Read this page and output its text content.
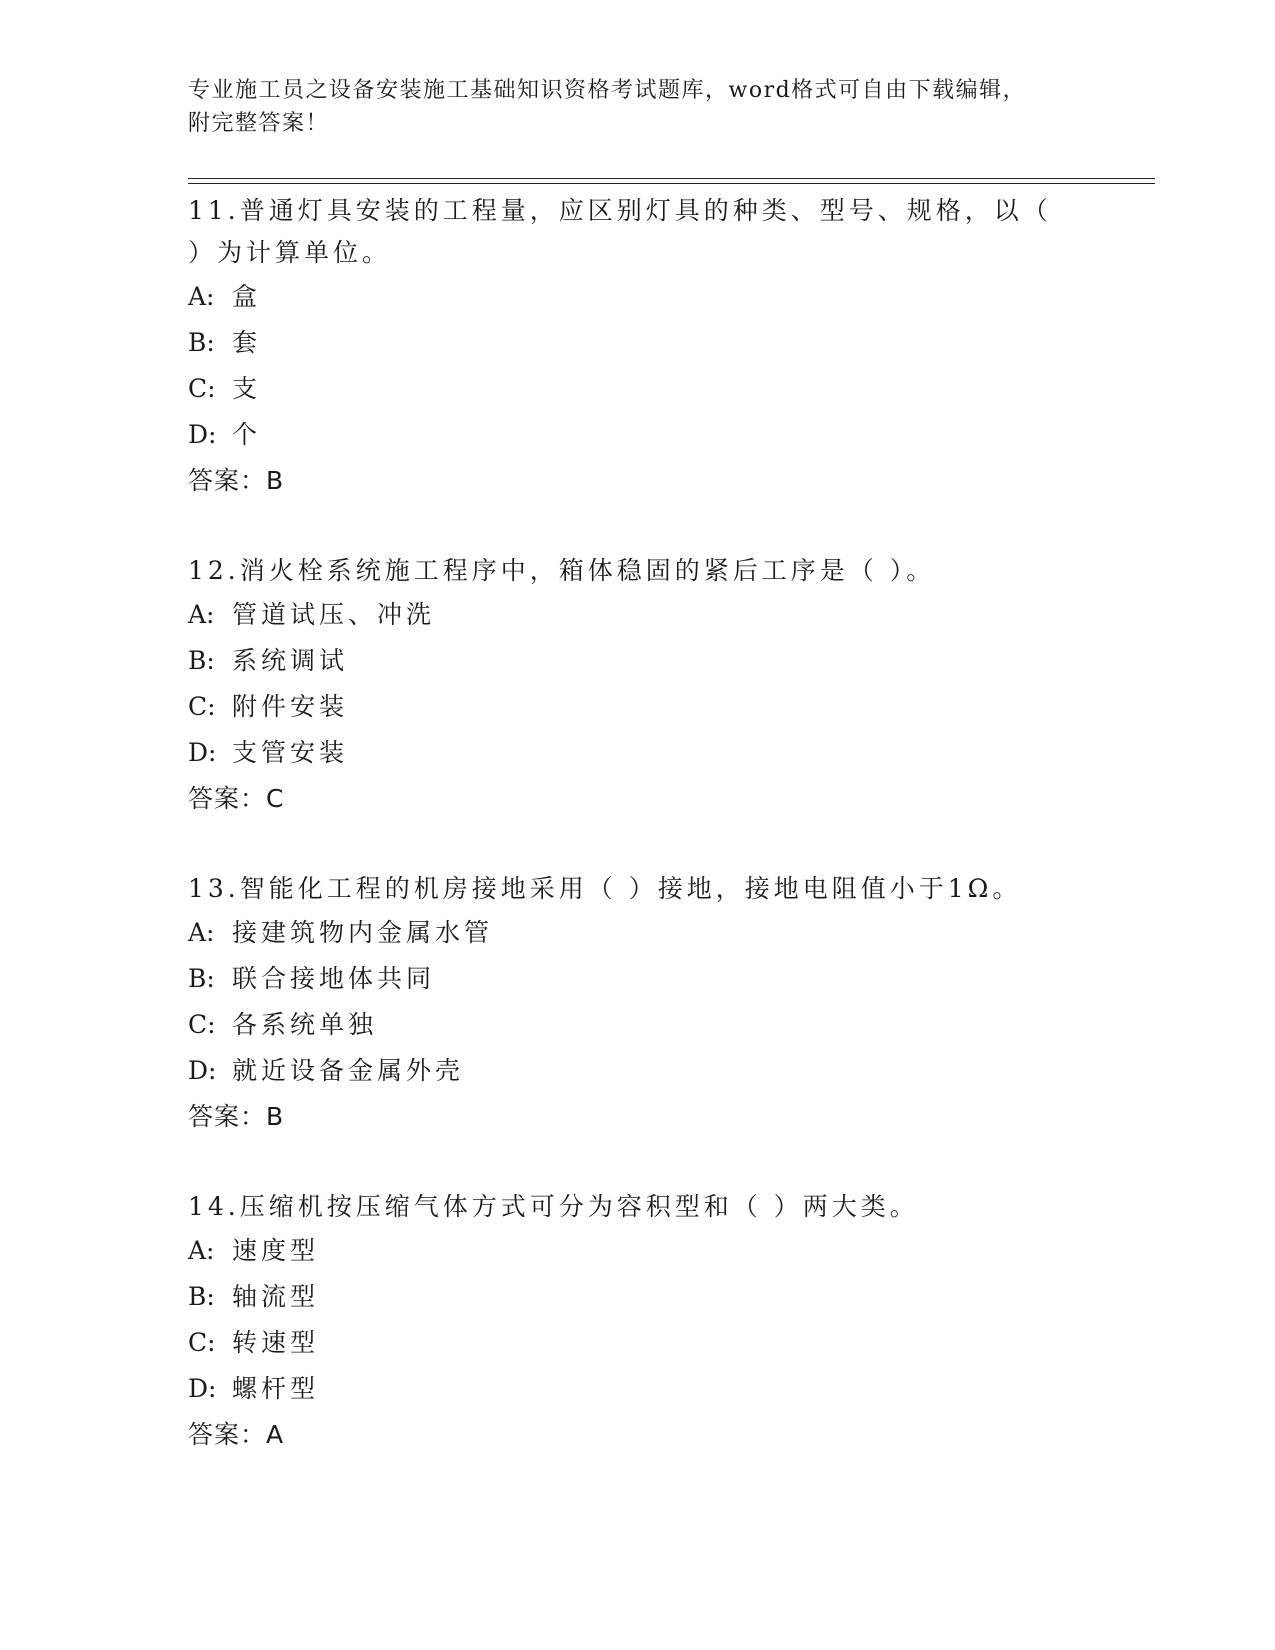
专业施工员之设备安装施工基础知识资格考试题库，word格式可自由下载编辑，
附完整答案！
11.普通灯具安装的工程量，应区别灯具的种类、型号、规格，以（
）为计算单位。
A: 盒
B: 套
C: 支
D: 个
答案：B
12.消火栓系统施工程序中，箱体稳固的紧后工序是（ ）。
A: 管道试压、冲洗
B: 系统调试
C: 附件安装
D: 支管安装
答案：C
13.智能化工程的机房接地采用（ ）接地，接地电阻值小于1Ω。
A: 接建筑物内金属水管
B: 联合接地体共同
C: 各系统单独
D: 就近设备金属外壳
答案：B
14.压缩机按压缩气体方式可分为容积型和（ ）两大类。
A: 速度型
B: 轴流型
C: 转速型
D: 螺杆型
答案：A
